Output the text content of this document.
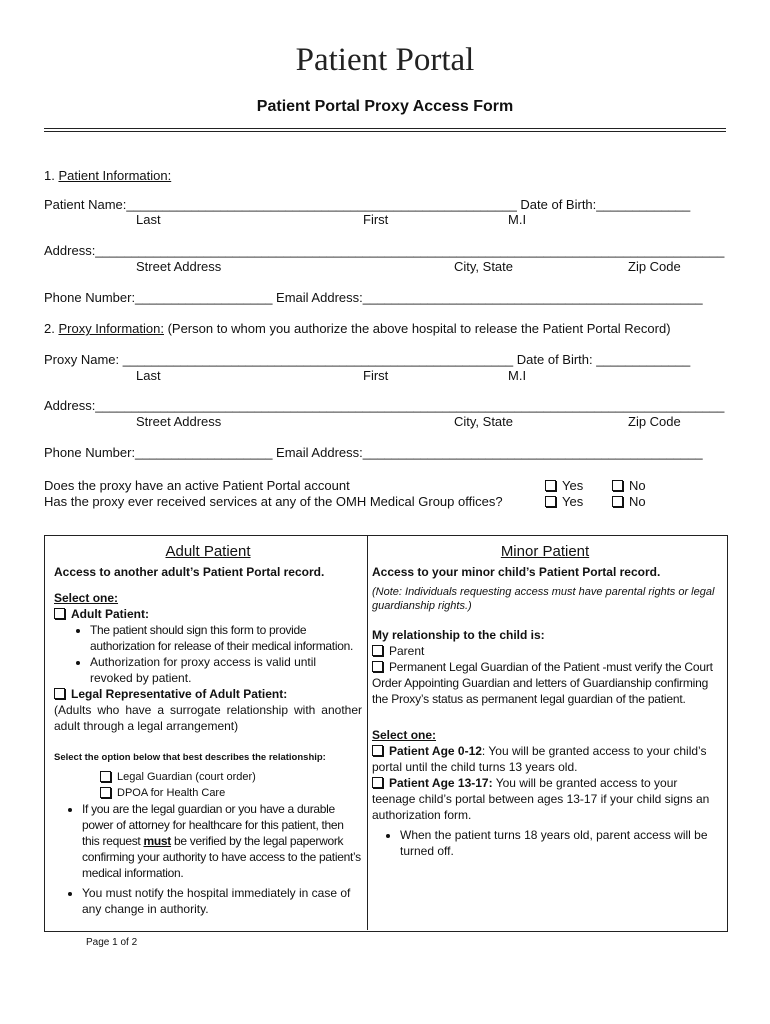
Patient Portal
Patient Portal Proxy Access Form
1. Patient Information:
Patient Name:______________________________________________________ Date of Birth:_____________
Last	First	M.I
Address:_______________________________________________________________________________________
Street Address	City, State	Zip Code
Phone Number:___________________ Email Address:_______________________________________________
2. Proxy Information: (Person to whom you authorize the above hospital to release the Patient Portal Record)
Proxy Name: ______________________________________________________ Date of Birth: _____________
Last	First	M.I
Address:_______________________________________________________________________________________
Street Address	City, State	Zip Code
Phone Number:___________________ Email Address:_______________________________________________
Does the proxy have an active Patient Portal account	Yes	No
Has the proxy ever received services at any of the OMH Medical Group offices?	Yes	No

Adult Patient

Access to another adult’s Patient Portal record.

Select one:

Adult Patient:

• The patient should sign this form to provide authorization for release of their medical information.
• Authorization for proxy access is valid until revoked by patient.

Legal Representative of Adult Patient:

(Adults who have a surrogate relationship with another adult through a legal arrangement)

Select the option below that best describes the relationship:

Legal Guardian (court order)

DPOA for Health Care

• If you are the legal guardian or you have a durable power of attorney for healthcare for this patient, then this request must be verified by the legal paperwork confirming your authority to have access to the patient’s medical information.
• You must notify the hospital immediately in case of any change in authority.

Minor Patient

Access to your minor child’s Patient Portal record.

(Note: Individuals requesting access must have parental rights or legal guardianship rights.)

My relationship to the child is:

Parent

Permanent Legal Guardian of the Patient -must verify the Court Order Appointing Guardian and letters of Guardianship confirming the Proxy’s status as permanent legal guardian of the patient.

Select one:

Patient Age 0-12: You will be granted access to your child’s portal until the child turns 13 years old.

Patient Age 13-17: You will be granted access to your teenage child’s portal between ages 13-17 if your child signs an authorization form.

• When the patient turns 18 years old, parent access will be turned off.
Page 1 of 2
